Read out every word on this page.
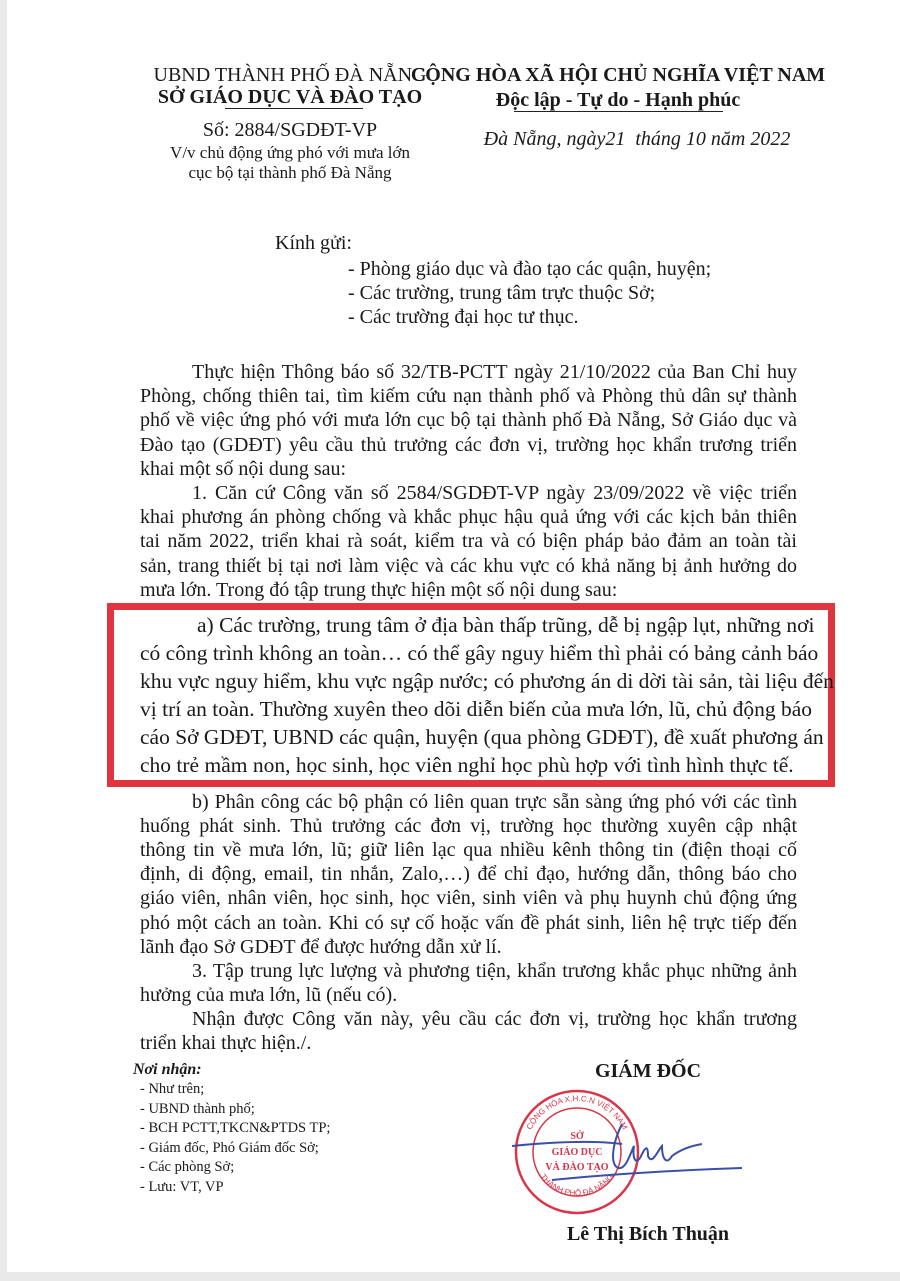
UBND THÀNH PHỐ ĐÀ NẴNG
SỞ GIÁO DỤC VÀ ĐÀO TẠO
Số: 2884/SGDĐT-VP
V/v chủ động ứng phó với mưa lớn
cục bộ tại thành phố Đà Nẵng
CỘNG HÒA XÃ HỘI CHỦ NGHĨA VIỆT NAM
Độc lập - Tự do - Hạnh phúc
Đà Nẵng, ngày21  tháng 10 năm 2022
Kính gửi:
- Phòng giáo dục và đào tạo các quận, huyện;
- Các trường, trung tâm trực thuộc Sở;
- Các trường đại học tư thục.
Thực hiện Thông báo số 32/TB-PCTT ngày 21/10/2022 của Ban Chỉ huy
Phòng, chống thiên tai, tìm kiếm cứu nạn thành phố và Phòng thủ dân sự thành
phố về việc ứng phó với mưa lớn cục bộ tại thành phố Đà Nẵng, Sở Giáo dục và
Đào tạo (GDĐT) yêu cầu thủ trưởng các đơn vị, trường học khẩn trương triển
khai một số nội dung sau:
1. Căn cứ Công văn số 2584/SGDĐT-VP ngày 23/09/2022 về việc triển
khai phương án phòng chống và khắc phục hậu quả ứng với các kịch bản thiên
tai năm 2022, triển khai rà soát, kiểm tra và có biện pháp bảo đảm an toàn tài
sản, trang thiết bị tại nơi làm việc và các khu vực có khả năng bị ảnh hưởng do
mưa lớn. Trong đó tập trung thực hiện một số nội dung sau:
a) Các trường, trung tâm ở địa bàn thấp trũng, dễ bị ngập lụt, những nơi
có công trình không an toàn… có thể gây nguy hiểm thì phải có bảng cảnh báo
khu vực nguy hiểm, khu vực ngập nước; có phương án di dời tài sản, tài liệu đến
vị trí an toàn. Thường xuyên theo dõi diễn biến của mưa lớn, lũ, chủ động báo
cáo Sở GDĐT, UBND các quận, huyện (qua phòng GDĐT), đề xuất phương án
cho trẻ mầm non, học sinh, học viên nghỉ học phù hợp với tình hình thực tế.
b) Phân công các bộ phận có liên quan trực sẵn sàng ứng phó với các tình
huống phát sinh. Thủ trưởng các đơn vị, trường học thường xuyên cập nhật
thông tin về mưa lớn, lũ; giữ liên lạc qua nhiều kênh thông tin (điện thoại cố
định, di động, email, tin nhắn, Zalo,…) để chỉ đạo, hướng dẫn, thông báo cho
giáo viên, nhân viên, học sinh, học viên, sinh viên và phụ huynh chủ động ứng
phó một cách an toàn. Khi có sự cố hoặc vấn đề phát sinh, liên hệ trực tiếp đến
lãnh đạo Sở GDĐT để được hướng dẫn xử lí.
3. Tập trung lực lượng và phương tiện, khẩn trương khắc phục những ảnh
hưởng của mưa lớn, lũ (nếu có).
Nhận được Công văn này, yêu cầu các đơn vị, trường học khẩn trương
triển khai thực hiện./.
Nơi nhận:
- Như trên;
- UBND thành phố;
- BCH PCTT,TKCN&PTDS TP;
- Giám đốc, Phó Giám đốc Sở;
- Các phòng Sở;
- Lưu: VT, VP
GIÁM ĐỐC
CỘNG HÒA X.H.C.N VIỆT NAM
THÀNH PHỐ ĐÀ NẴNG
SỞ
GIÁO DỤC
VÀ ĐÀO TẠO
Lê Thị Bích Thuận
